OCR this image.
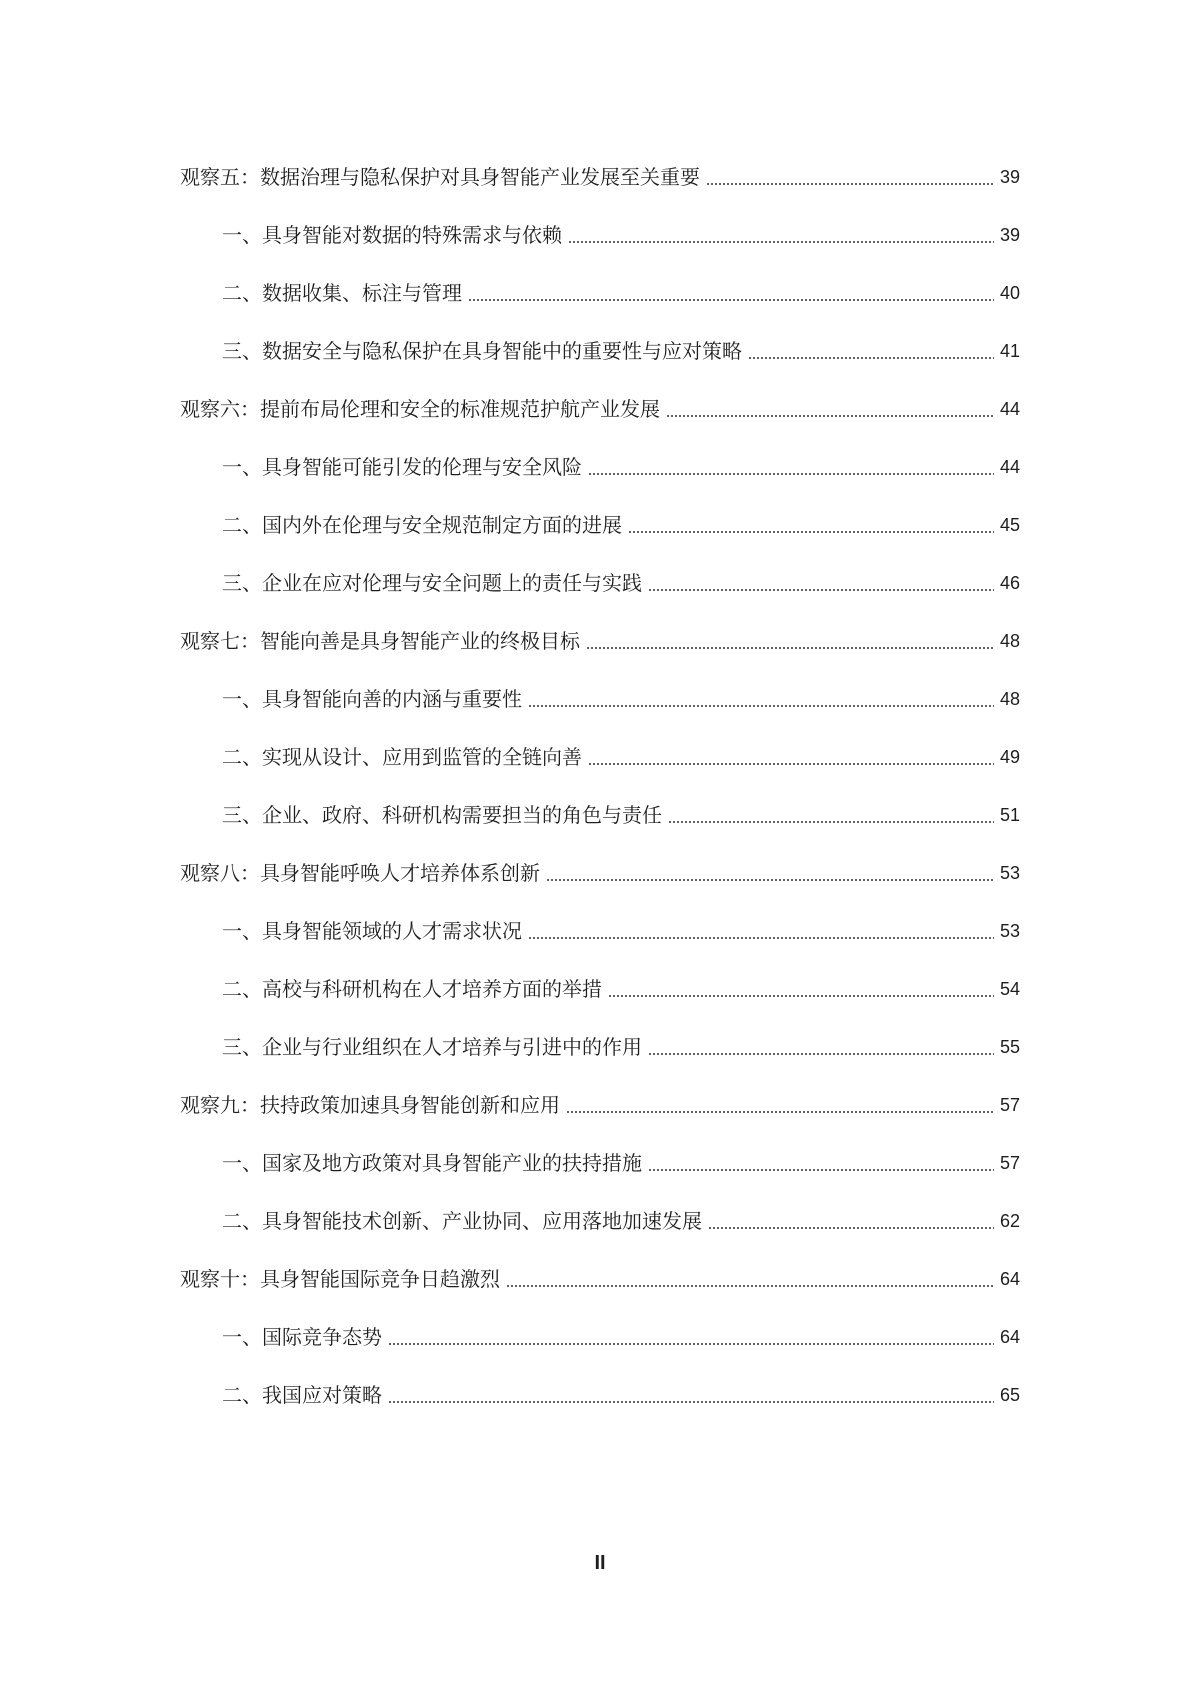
观察五：数据治理与隐私保护对具身智能产业发展至关重要	39
一、具身智能对数据的特殊需求与依赖	39
二、数据收集、标注与管理	40
三、数据安全与隐私保护在具身智能中的重要性与应对策略	41
观察六：提前布局伦理和安全的标准规范护航产业发展	44
一、具身智能可能引发的伦理与安全风险	44
二、国内外在伦理与安全规范制定方面的进展	45
三、企业在应对伦理与安全问题上的责任与实践	46
观察七：智能向善是具身智能产业的终极目标	48
一、具身智能向善的内涵与重要性	48
二、实现从设计、应用到监管的全链向善	49
三、企业、政府、科研机构需要担当的角色与责任	51
观察八：具身智能呼唤人才培养体系创新	53
一、具身智能领域的人才需求状况	53
二、高校与科研机构在人才培养方面的举措	54
三、企业与行业组织在人才培养与引进中的作用	55
观察九：扶持政策加速具身智能创新和应用	57
一、国家及地方政策对具身智能产业的扶持措施	57
二、具身智能技术创新、产业协同、应用落地加速发展	62
观察十：具身智能国际竞争日趋激烈	64
一、国际竞争态势	64
二、我国应对策略	65
II
